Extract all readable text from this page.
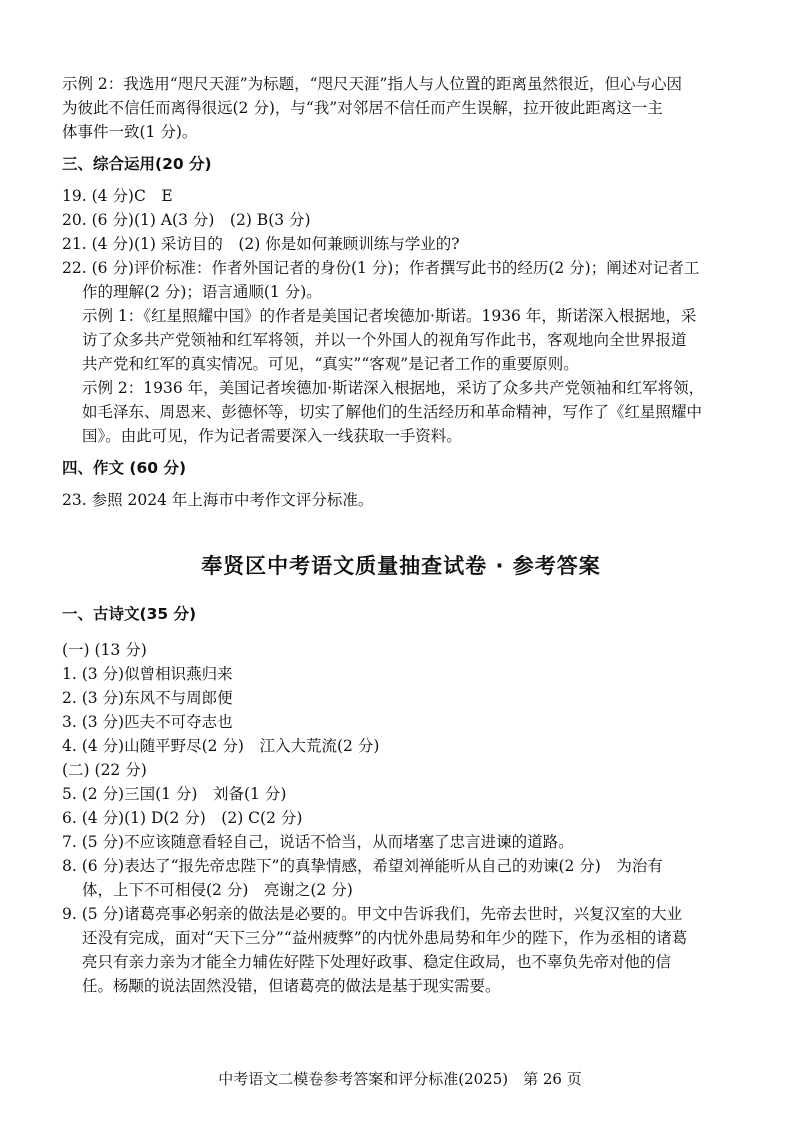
示例 2：我选用“咫尺天涯”为标题，“咫尺天涯”指人与人位置的距离虽然很近，但心与心因

为彼此不信任而离得很远(2 分)，与“我”对邻居不信任而产生误解，拉开彼此距离这一主

体事件一致(1 分)。

三、综合运用(20 分)

19. (4 分)C　E

20. (6 分)(1) A(3 分)　(2) B(3 分)

21. (4 分)(1) 采访目的　(2) 你是如何兼顾训练与学业的?

22. (6 分)评价标准：作者外国记者的身份(1 分)；作者撰写此书的经历(2 分)；阐述对记者工

作的理解(2 分)；语言通顺(1 分)。

示例 1：《红星照耀中国》的作者是美国记者埃德加·斯诺。1936 年，斯诺深入根据地，采

访了众多共产党领袖和红军将领，并以一个外国人的视角写作此书，客观地向全世界报道

共产党和红军的真实情况。可见，“真实”“客观”是记者工作的重要原则。

示例 2：1936 年，美国记者埃德加·斯诺深入根据地，采访了众多共产党领袖和红军将领，

如毛泽东、周恩来、彭德怀等，切实了解他们的生活经历和革命精神，写作了《红星照耀中

国》。由此可见，作为记者需要深入一线获取一手资料。

四、作文 (60 分)

23. 参照 2024 年上海市中考作文评分标准。

奉贤区中考语文质量抽查试卷 · 参考答案

一、古诗文(35 分)

(一) (13 分)

1. (3 分)似曾相识燕归来

2. (3 分)东风不与周郎便

3. (3 分)匹夫不可夺志也

4. (4 分)山随平野尽(2 分)　江入大荒流(2 分)

(二) (22 分)

5. (2 分)三国(1 分)　刘备(1 分)

6. (4 分)(1) D(2 分)　(2) C(2 分)

7. (5 分)不应该随意看轻自己，说话不恰当，从而堵塞了忠言进谏的道路。

8. (6 分)表达了“报先帝忠陛下”的真挚情感，希望刘禅能听从自己的劝谏(2 分)　为治有

体，上下不可相侵(2 分)　亮谢之(2 分)

9. (5 分)诸葛亮事必躬亲的做法是必要的。甲文中告诉我们，先帝去世时，兴复汉室的大业

还没有完成，面对“天下三分”“益州疲弊”的内忧外患局势和年少的陛下，作为丞相的诸葛

亮只有亲力亲为才能全力辅佐好陛下处理好政事、稳定住政局，也不辜负先帝对他的信

任。杨颙的说法固然没错，但诸葛亮的做法是基于现实需要。

中考语文二模卷参考答案和评分标准(2025)　第 26 页
